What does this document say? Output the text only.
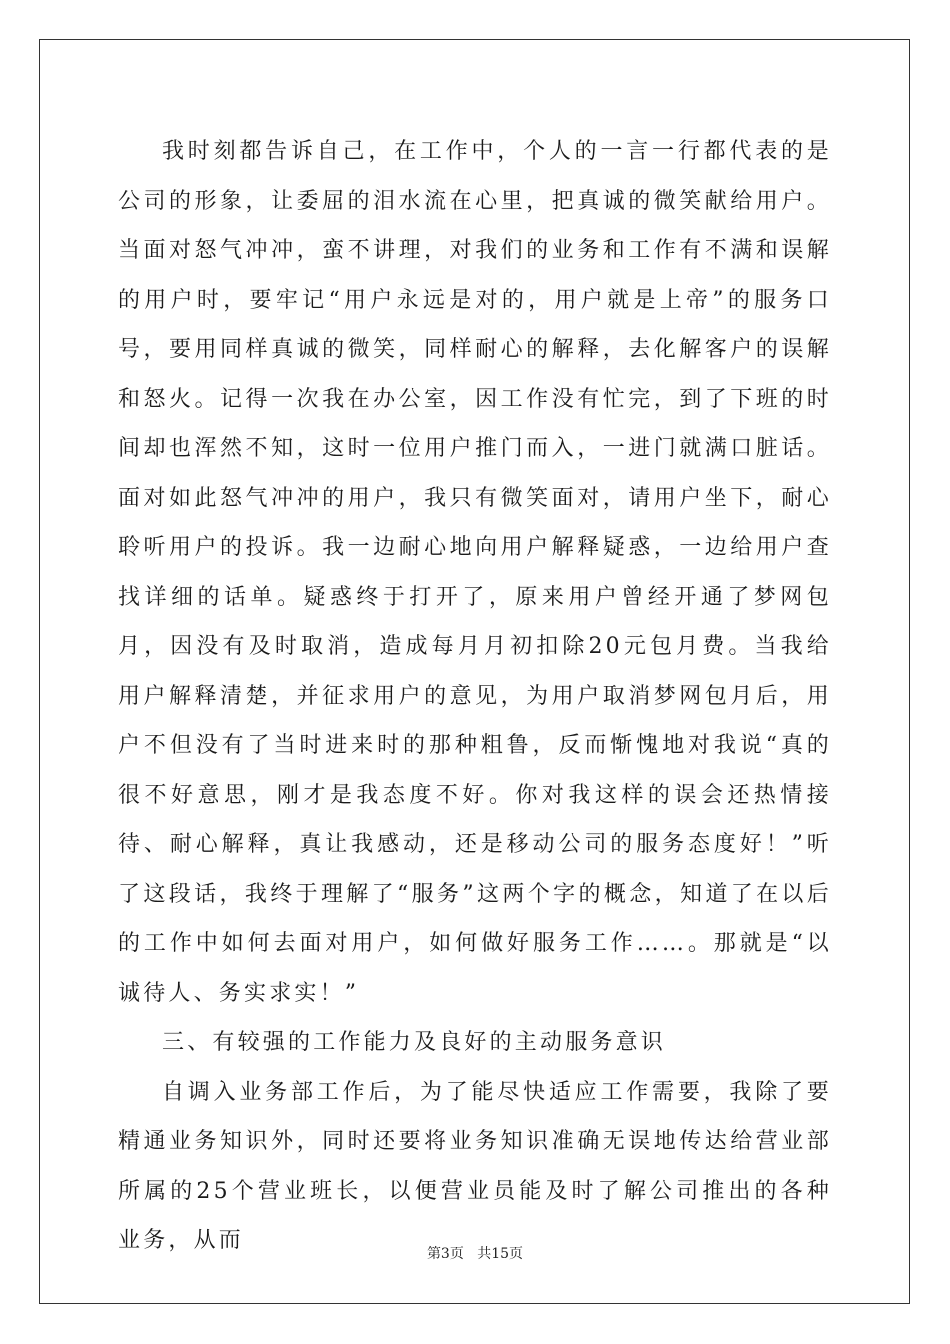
我时刻都告诉自己，在工作中，个人的一言一行都代表的是公司的形象，让委屈的泪水流在心里，把真诚的微笑献给用户。当面对怒气冲冲，蛮不讲理，对我们的业务和工作有不满和误解的用户时，要牢记“用户永远是对的，用户就是上帝”的服务口号，要用同样真诚的微笑，同样耐心的解释，去化解客户的误解和怒火。记得一次我在办公室，因工作没有忙完，到了下班的时间却也浑然不知，这时一位用户推门而入，一进门就满口脏话。面对如此怒气冲冲的用户，我只有微笑面对，请用户坐下，耐心聆听用户的投诉。我一边耐心地向用户解释疑惑，一边给用户查找详细的话单。疑惑终于打开了，原来用户曾经开通了梦网包月，因没有及时取消，造成每月月初扣除20元包月费。当我给用户解释清楚，并征求用户的意见，为用户取消梦网包月后，用户不但没有了当时进来时的那种粗鲁，反而惭愧地对我说“真的很不好意思，刚才是我态度不好。你对我这样的误会还热情接待、耐心解释，真让我感动，还是移动公司的服务态度好！”听了这段话，我终于理解了“服务”这两个字的概念，知道了在以后的工作中如何去面对用户，如何做好服务工作……。那就是“以诚待人、务实求实！”

三、有较强的工作能力及良好的主动服务意识

自调入业务部工作后，为了能尽快适应工作需要，我除了要精通业务知识外，同时还要将业务知识准确无误地传达给营业部所属的25个营业班长，以便营业员能及时了解公司推出的各种业务，从而

第3页 共15页
